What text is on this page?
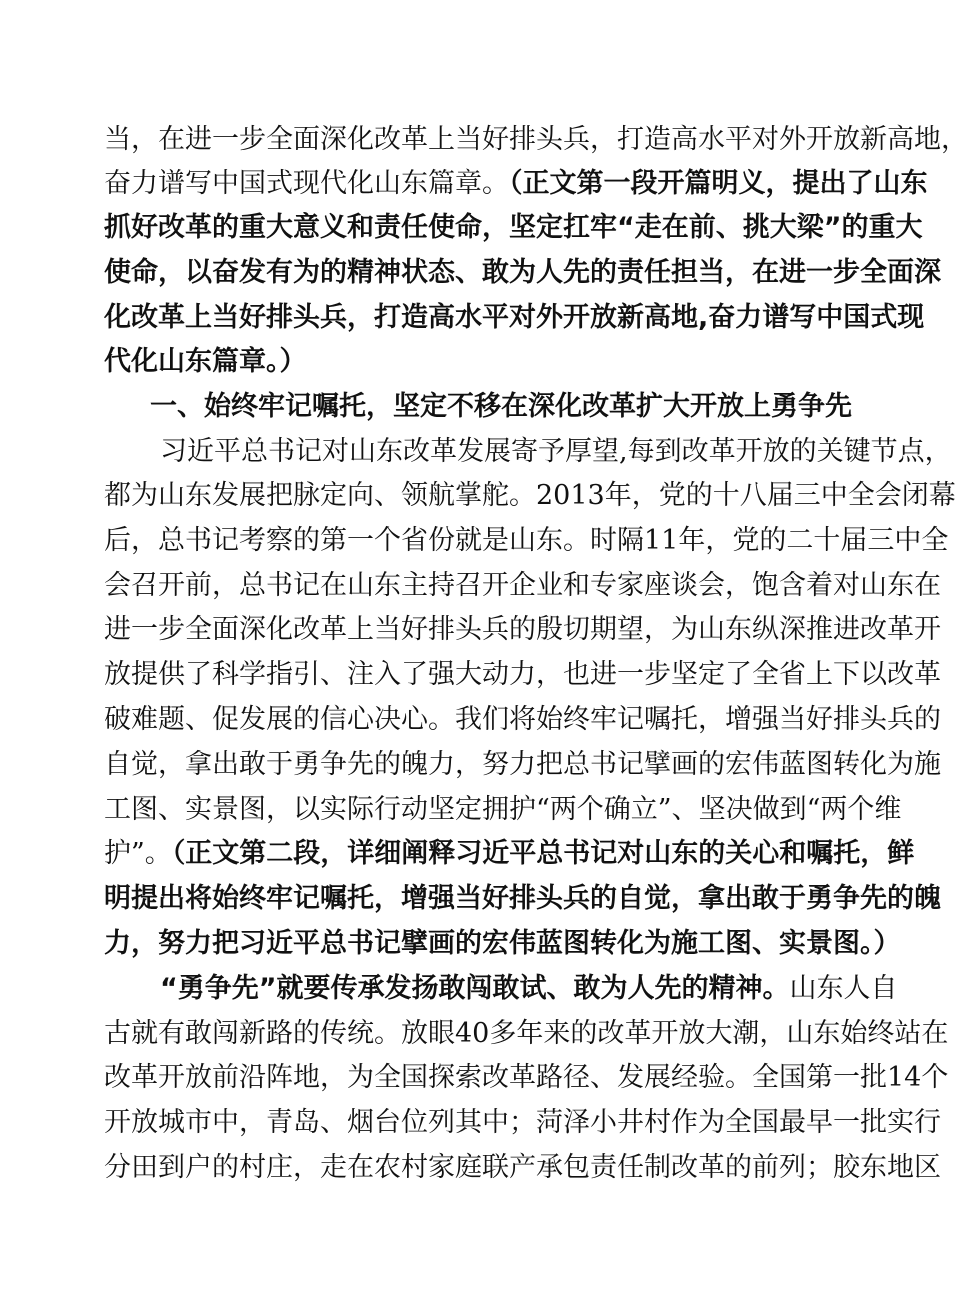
当，在进一步全面深化改革上当好排头兵，打造高水平对外开放新高地，
奋力谱写中国式现代化山东篇章。（正文第一段开篇明义，提出了山东
抓好改革的重大意义和责任使命，坚定扛牢“走在前、挑大梁”的重大
使命，以奋发有为的精神状态、敢为人先的责任担当，在进一步全面深
化改革上当好排头兵，打造高水平对外开放新高地,奋力谱写中国式现
代化山东篇章。）
一、始终牢记嘱托，坚定不移在深化改革扩大开放上勇争先
习近平总书记对山东改革发展寄予厚望,每到改革开放的关键节点，
都为山东发展把脉定向、领航掌舵。2013年，党的十八届三中全会闭幕
后，总书记考察的第一个省份就是山东。时隔11年，党的二十届三中全
会召开前，总书记在山东主持召开企业和专家座谈会，饱含着对山东在
进一步全面深化改革上当好排头兵的殷切期望，为山东纵深推进改革开
放提供了科学指引、注入了强大动力，也进一步坚定了全省上下以改革
破难题、促发展的信心决心。我们将始终牢记嘱托，增强当好排头兵的
自觉，拿出敢于勇争先的魄力，努力把总书记擘画的宏伟蓝图转化为施
工图、实景图，以实际行动坚定拥护“两个确立”、坚决做到“两个维
护”。（正文第二段，详细阐释习近平总书记对山东的关心和嘱托，鲜
明提出将始终牢记嘱托，增强当好排头兵的自觉，拿出敢于勇争先的魄
力，努力把习近平总书记擘画的宏伟蓝图转化为施工图、实景图。）
“勇争先”就要传承发扬敢闯敢试、敢为人先的精神。山东人自
古就有敢闯新路的传统。放眼40多年来的改革开放大潮，山东始终站在
改革开放前沿阵地，为全国探索改革路径、发展经验。全国第一批14个
开放城市中，青岛、烟台位列其中；菏泽小井村作为全国最早一批实行
分田到户的村庄，走在农村家庭联产承包责任制改革的前列；胶东地区
